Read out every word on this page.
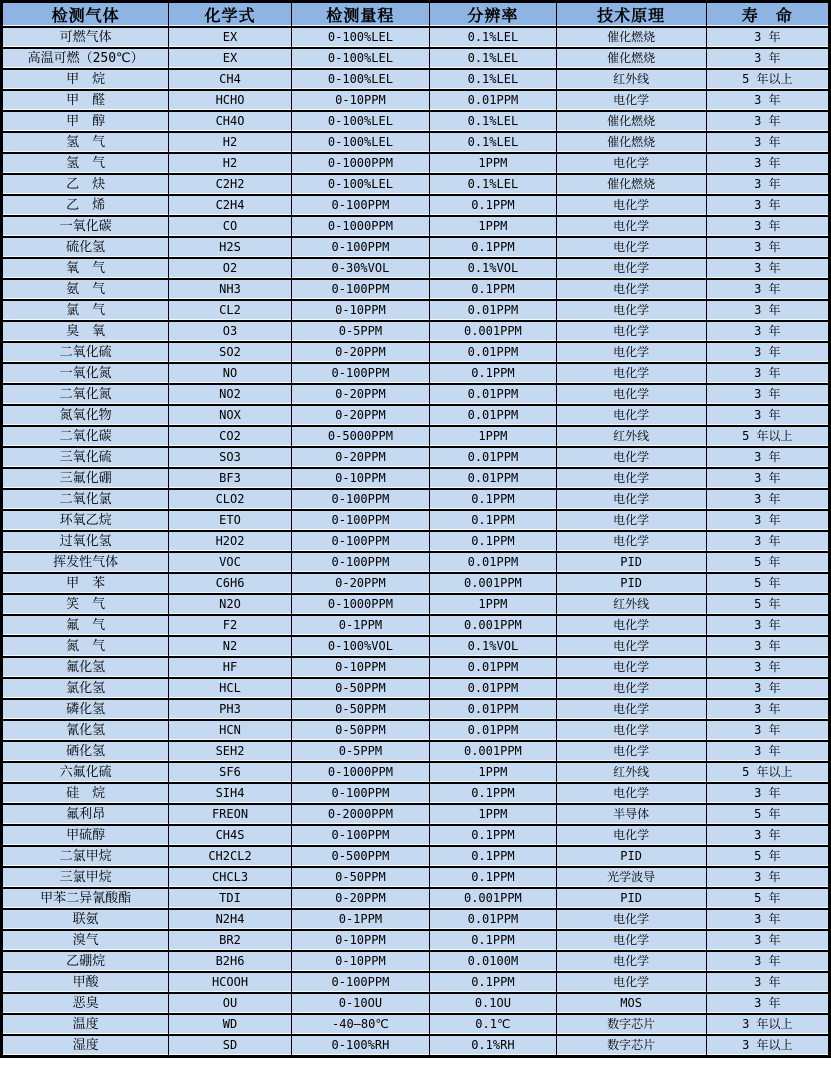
检测气体	化学式	检测量程	分辨率	技术原理	寿　命
可燃气体	EX	0-100%LEL	0.1%LEL	催化燃烧	3 年
高温可燃（250℃）	EX	0-100%LEL	0.1%LEL	催化燃烧	3 年
甲　烷	CH4	0-100%LEL	0.1%LEL	红外线	5 年以上
甲　醛	HCHO	0-10PPM	0.01PPM	电化学	3 年
甲　醇	CH4O	0-100%LEL	0.1%LEL	催化燃烧	3 年
氢　气	H2	0-100%LEL	0.1%LEL	催化燃烧	3 年
氢　气	H2	0-1000PPM	1PPM	电化学	3 年
乙　炔	C2H2	0-100%LEL	0.1%LEL	催化燃烧	3 年
乙　烯	C2H4	0-100PPM	0.1PPM	电化学	3 年
一氧化碳	CO	0-1000PPM	1PPM	电化学	3 年
硫化氢	H2S	0-100PPM	0.1PPM	电化学	3 年
氧　气	O2	0-30%VOL	0.1%VOL	电化学	3 年
氨　气	NH3	0-100PPM	0.1PPM	电化学	3 年
氯　气	CL2	0-10PPM	0.01PPM	电化学	3 年
臭　氧	O3	0-5PPM	0.001PPM	电化学	3 年
二氧化硫	SO2	0-20PPM	0.01PPM	电化学	3 年
一氧化氮	NO	0-100PPM	0.1PPM	电化学	3 年
二氧化氮	NO2	0-20PPM	0.01PPM	电化学	3 年
氮氧化物	NOX	0-20PPM	0.01PPM	电化学	3 年
二氧化碳	CO2	0-5000PPM	1PPM	红外线	5 年以上
三氧化硫	SO3	0-20PPM	0.01PPM	电化学	3 年
三氟化硼	BF3	0-10PPM	0.01PPM	电化学	3 年
二氧化氯	CLO2	0-100PPM	0.1PPM	电化学	3 年
环氧乙烷	ETO	0-100PPM	0.1PPM	电化学	3 年
过氧化氢	H2O2	0-100PPM	0.1PPM	电化学	3 年
挥发性气体	VOC	0-100PPM	0.01PPM	PID	5 年
甲　苯	C6H6	0-20PPM	0.001PPM	PID	5 年
笑　气	N2O	0-1000PPM	1PPM	红外线	5 年
氟　气	F2	0-1PPM	0.001PPM	电化学	3 年
氮　气	N2	0-100%VOL	0.1%VOL	电化学	3 年
氟化氢	HF	0-10PPM	0.01PPM	电化学	3 年
氯化氢	HCL	0-50PPM	0.01PPM	电化学	3 年
磷化氢	PH3	0-50PPM	0.01PPM	电化学	3 年
氰化氢	HCN	0-50PPM	0.01PPM	电化学	3 年
硒化氢	SEH2	0-5PPM	0.001PPM	电化学	3 年
六氟化硫	SF6	0-1000PPM	1PPM	红外线	5 年以上
硅　烷	SIH4	0-100PPM	0.1PPM	电化学	3 年
氟利昂	FREON	0-2000PPM	1PPM	半导体	5 年
甲硫醇	CH4S	0-100PPM	0.1PPM	电化学	3 年
二氯甲烷	CH2CL2	0-500PPM	0.1PPM	PID	5 年
三氯甲烷	CHCL3	0-50PPM	0.1PPM	光学波导	3 年
甲苯二异氰酸酯	TDI	0-20PPM	0.001PPM	PID	5 年
联氨	N2H4	0-1PPM	0.01PPM	电化学	3 年
溴气	BR2	0-10PPM	0.1PPM	电化学	3 年
乙硼烷	B2H6	0-10PPM	0.0100M	电化学	3 年
甲酸	HCOOH	0-100PPM	0.1PPM	电化学	3 年
恶臭	OU	0-10OU	0.1OU	MOS	3 年
温度	WD	-40—80℃	0.1℃	数字芯片	3 年以上
湿度	SD	0-100%RH	0.1%RH	数字芯片	3 年以上
